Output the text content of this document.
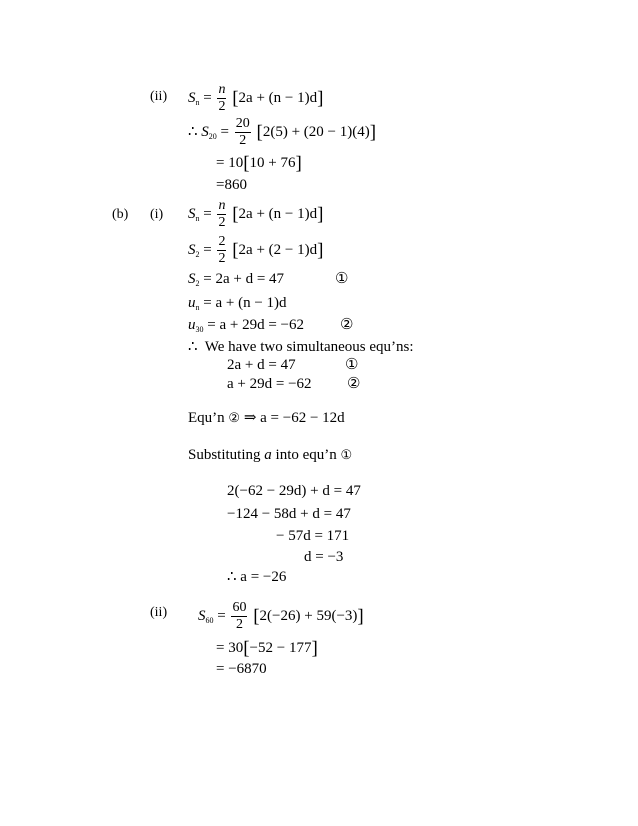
(ii) $S_n = \frac{n}{2} [2a + (n - 1)d]$
∴ $S_{20} = \frac{20}{2} [2(5) + (20 - 1)(4)]$
= 10[10 + 76]
=860
(b) (i) $S_n = \frac{n}{2} [2a + (n - 1)d]$
$S_2 = \frac{2}{2} [2a + (2 - 1)d]$
$S_2 = 2a + d = 47$	①
$u_n = a + (n - 1)d$
$u_{30} = a + 29d = -62$ ②
∴ We have two simultaneous equ’ns:
2a + d = 47	①
a + 29d = −62 ②
Equ’n ② ⇒ a = −62 − 12d
Substituting a into equ’n ①
2(−62 − 29d) + d = 47
−124 − 58d + d = 47
− 57d = 171
d = −3
∴ a = −26
(ii) $S_{60} = \frac{60}{2} [2(-26) + 59(-3)]$
= 30[−52 − 177]
= −6870
